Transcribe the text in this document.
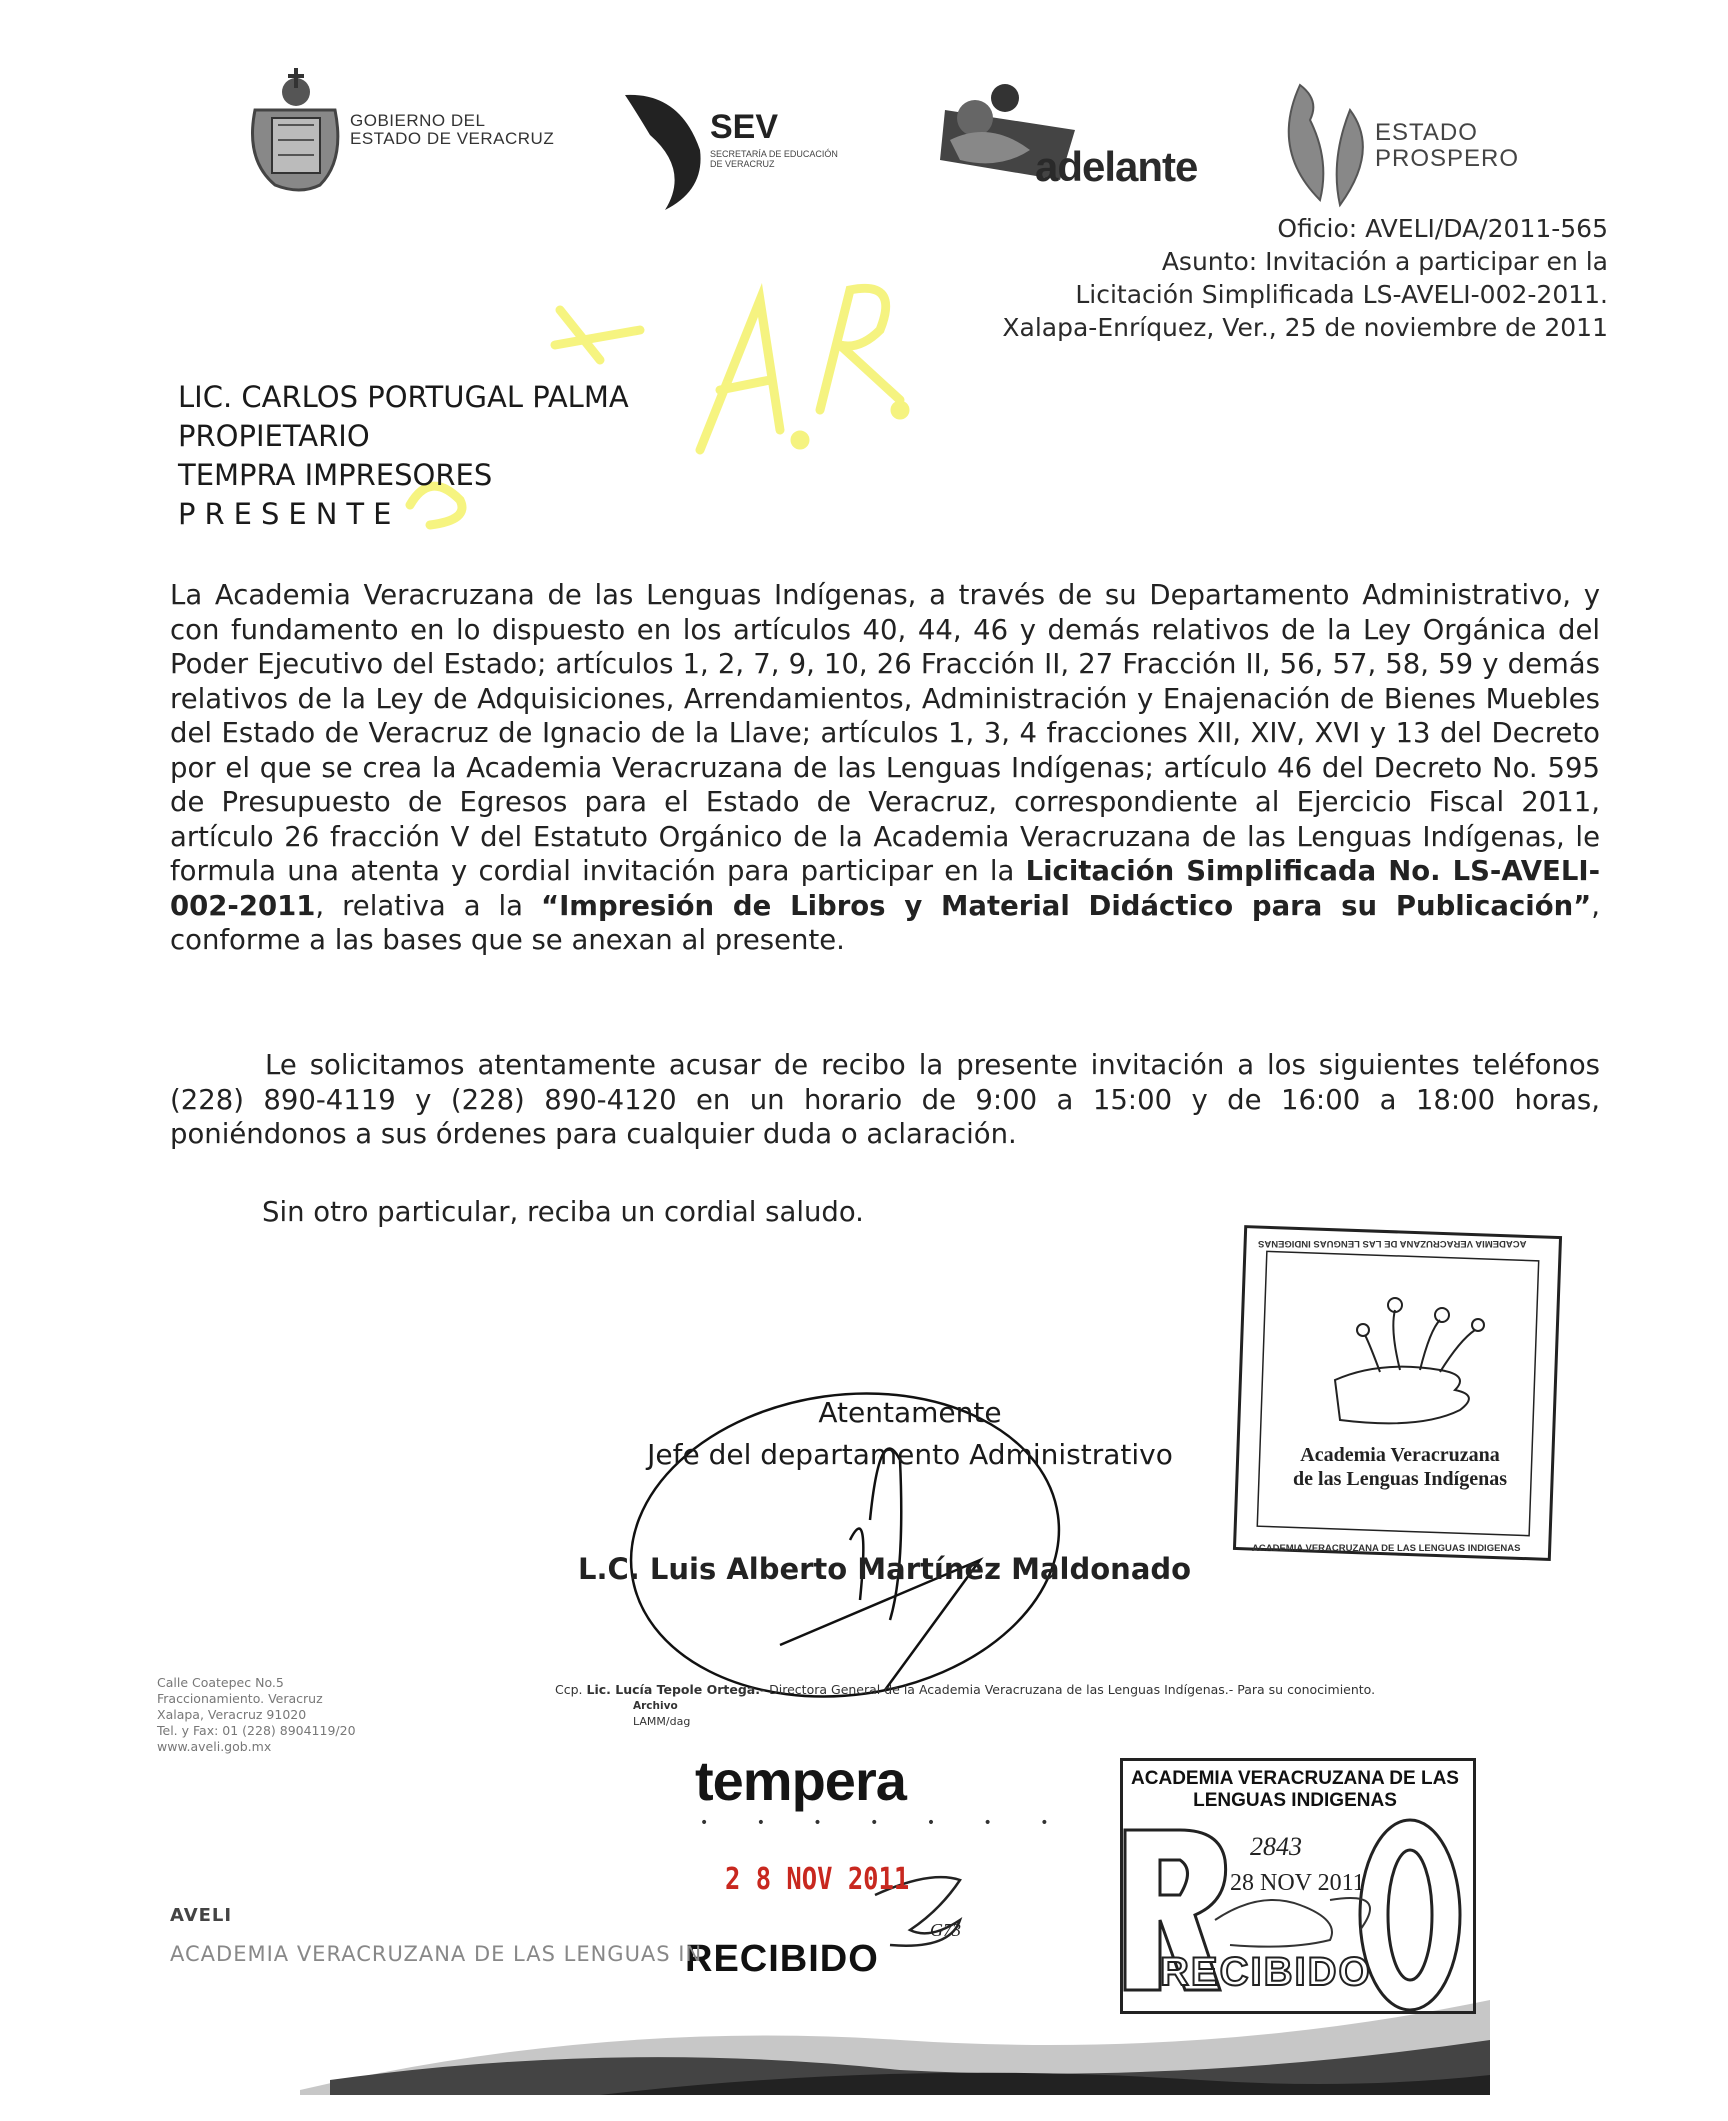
GOBIERNO DEL
ESTADO DE VERACRUZ	SEV
SECRETARÍA DE EDUCACIÓN
DE VERACRUZ	adelante
ESTADO
PROSPERO
Oficio: AVELI/DA/2011-565
Asunto: Invitación a participar en la
Licitación Simplificada LS-AVELI-002-2011.
Xalapa-Enríquez, Ver., 25 de noviembre de 2011
LIC. CARLOS PORTUGAL PALMA
PROPIETARIO
TEMPRA IMPRESORES
PRESENTE
La Academia Veracruzana de las Lenguas Indígenas, a través de su Departamento Administrativo, y con fundamento en lo dispuesto en los artículos 40, 44, 46 y demás relativos de la Ley Orgánica del Poder Ejecutivo del Estado; artículos 1, 2, 7, 9, 10, 26 Fracción II, 27 Fracción II, 56, 57, 58, 59 y demás relativos de la Ley de Adquisiciones, Arrendamientos, Administración y Enajenación de Bienes Muebles del Estado de Veracruz de Ignacio de la Llave; artículos 1, 3, 4 fracciones XII, XIV, XVI y 13 del Decreto por el que se crea la Academia Veracruzana de las Lenguas Indígenas; artículo 46 del Decreto No. 595 de Presupuesto de Egresos para el Estado de Veracruz, correspondiente al Ejercicio Fiscal 2011, artículo 26 fracción V del Estatuto Orgánico de la Academia Veracruzana de las Lenguas Indígenas, le formula una atenta y cordial invitación para participar en la Licitación Simplificada No. LS-AVELI-002-2011, relativa a la “Impresión de Libros y Material Didáctico para su Publicación”, conforme a las bases que se anexan al presente.
Le solicitamos atentamente acusar de recibo la presente invitación a los siguientes teléfonos (228) 890-4119 y (228) 890-4120 en un horario de 9:00 a 15:00 y de 16:00 a 18:00 horas, poniéndonos a sus órdenes para cualquier duda o aclaración.
Sin otro particular, reciba un cordial saludo.
Atentamente
Jefe del departamento Administrativo
L.C. Luis Alberto Martínez Maldonado
ACADEMIA VERACRUZANA DE LAS LENGUAS INDIGENAS
ACADEMIA VERACRUZANA DE LAS LENGUAS INDIGENAS
Academia Veracruzana
de las Lenguas Indígenas
Calle Coatepec No.5
Fraccionamiento. Veracruz
Xalapa, Veracruz 91020
Tel. y Fax: 01 (228) 8904119/20
www.aveli.gob.mx
Ccp. Lic. Lucía Tepole Ortega.- Directora General de la Academia Veracruzana de las Lenguas Indígenas.- Para su conocimiento.
Archivo
LAMM/dag
tempera
• • • • • • •
2 8 NOV 2011
G73
RECIBIDO
AVELI
ACADEMIA VERACRUZANA DE LAS LENGUAS IN
ACADEMIA VERACRUZANA DE LAS
LENGUAS INDIGENAS
2843
28 NOV 2011
RECIBIDO
